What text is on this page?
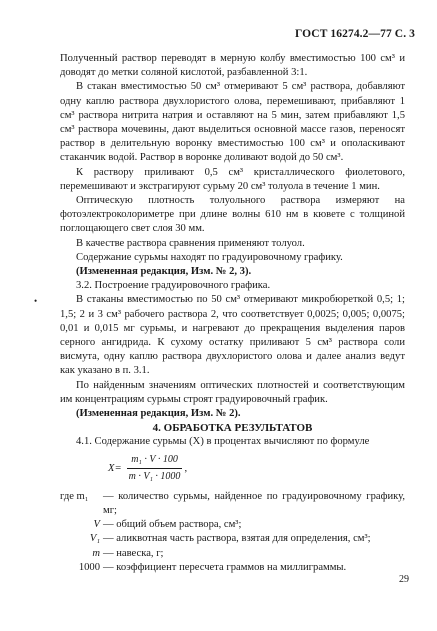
ГОСТ 16274.2—77 С. 3
•

Полученный раствор переводят в мерную колбу вместимостью 100 см³ и доводят до метки соляной кислотой, разбавленной 3:1.

В стакан вместимостью 50 см³ отмеривают 5 см³ раствора, добавляют одну каплю раствора двухлористого олова, перемешивают, прибавляют 1 см³ раствора нитрита натрия и оставляют на 5 мин, затем прибавляют 1,5 см³ раствора мочевины, дают выделиться основной массе газов, переносят раствор в делительную воронку вместимостью 100 см³ и ополаскивают стаканчик водой. Раствор в воронке доливают водой до 50 см³.

К раствору приливают 0,5 см³ кристаллического фиолетового, перемешивают и экстрагируют сурьму 20 см³ толуола в течение 1 мин.

Оптическую плотность толуольного раствора измеряют на фотоэлектроколориметре при длине волны 610 нм в кювете с толщиной поглощающего свет слоя 30 мм.

В качестве раствора сравнения применяют толуол.

Содержание сурьмы находят по градуировочному графику.

(Измененная редакция, Изм. № 2, 3).

3.2. Построение градуировочного графика.

В стаканы вместимостью по 50 см³ отмеривают микробюреткой 0,5; 1; 1,5; 2 и 3 см³ рабочего раствора 2, что соответствует 0,0025; 0,005; 0,0075; 0,01 и 0,015 мг сурьмы, и нагревают до прекращения выделения паров серного ангидрида. К сухому остатку приливают 5 см³ раствора соли висмута, одну каплю раствора двухлористого олова и далее анализ ведут как указано в п. 3.1.

По найденным значениям оптических плотностей и соответствующим им концентрациям сурьмы строят градуировочный график.

(Измененная редакция, Изм. № 2).

4. ОБРАБОТКА РЕЗУЛЬТАТОВ

4.1. Содержание сурьмы (X) в процентах вычисляют по формуле

$X= \frac{\text{m₁ · V · 100}}{\text{m · V₁ · 1000}}$ ,
где m₁	— количество сурьмы, найденное по градуировочному графику, мг;
V — общий объем раствора, см³;
V₁ — аликвотная часть раствора, взятая для определения, см³;
m — навеска, г;
1000 — коэффициент пересчета граммов на миллиграммы.
29
